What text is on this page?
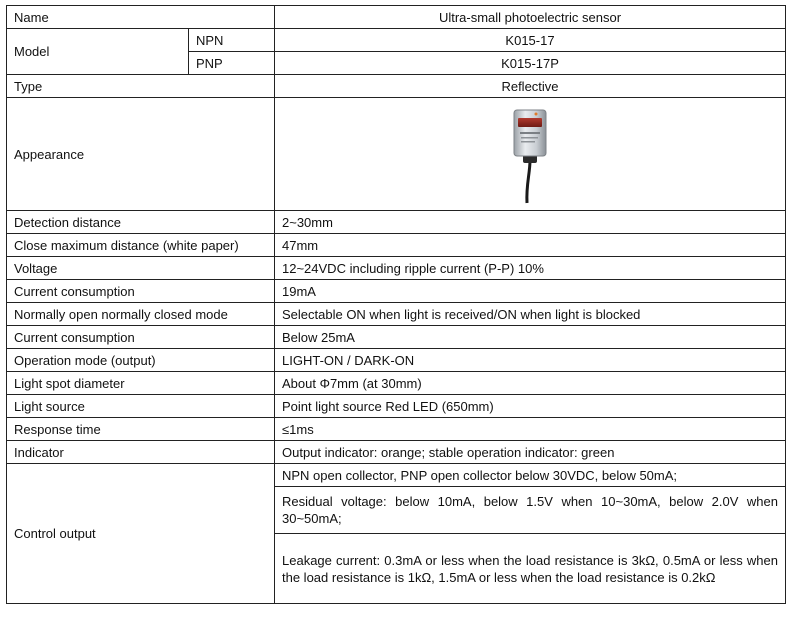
Name		Ultra-small photoelectric sensor
Model	NPN	K015-17
	PNP	K015-17P
Type		Reflective
Appearance	

Detection distance		2~30mm
Close maximum distance (white paper)		47mm
Voltage		12~24VDC including ripple current (P-P) 10%
Current consumption		19mA
Normally open normally closed mode		Selectable ON when light is received/ON when light is blocked
Current consumption		Below 25mA
Operation mode (output)		LIGHT-ON / DARK-ON
Light spot diameter		About Φ7mm (at 30mm)
Light source		Point light source Red LED (650mm)
Response time		≤1ms
Indicator		Output indicator: orange; stable operation indicator: green
Control output		NPN open collector, PNP open collector below 30VDC, below 50mA;
		Residual voltage: below 10mA, below 1.5V when 10~30mA, below 2.0V when 30~50mA;
		Leakage current: 0.3mA or less when the load resistance is 3kΩ, 0.5mA or less when the load resistance is 1kΩ, 1.5mA or less when the load resistance is 0.2kΩ
